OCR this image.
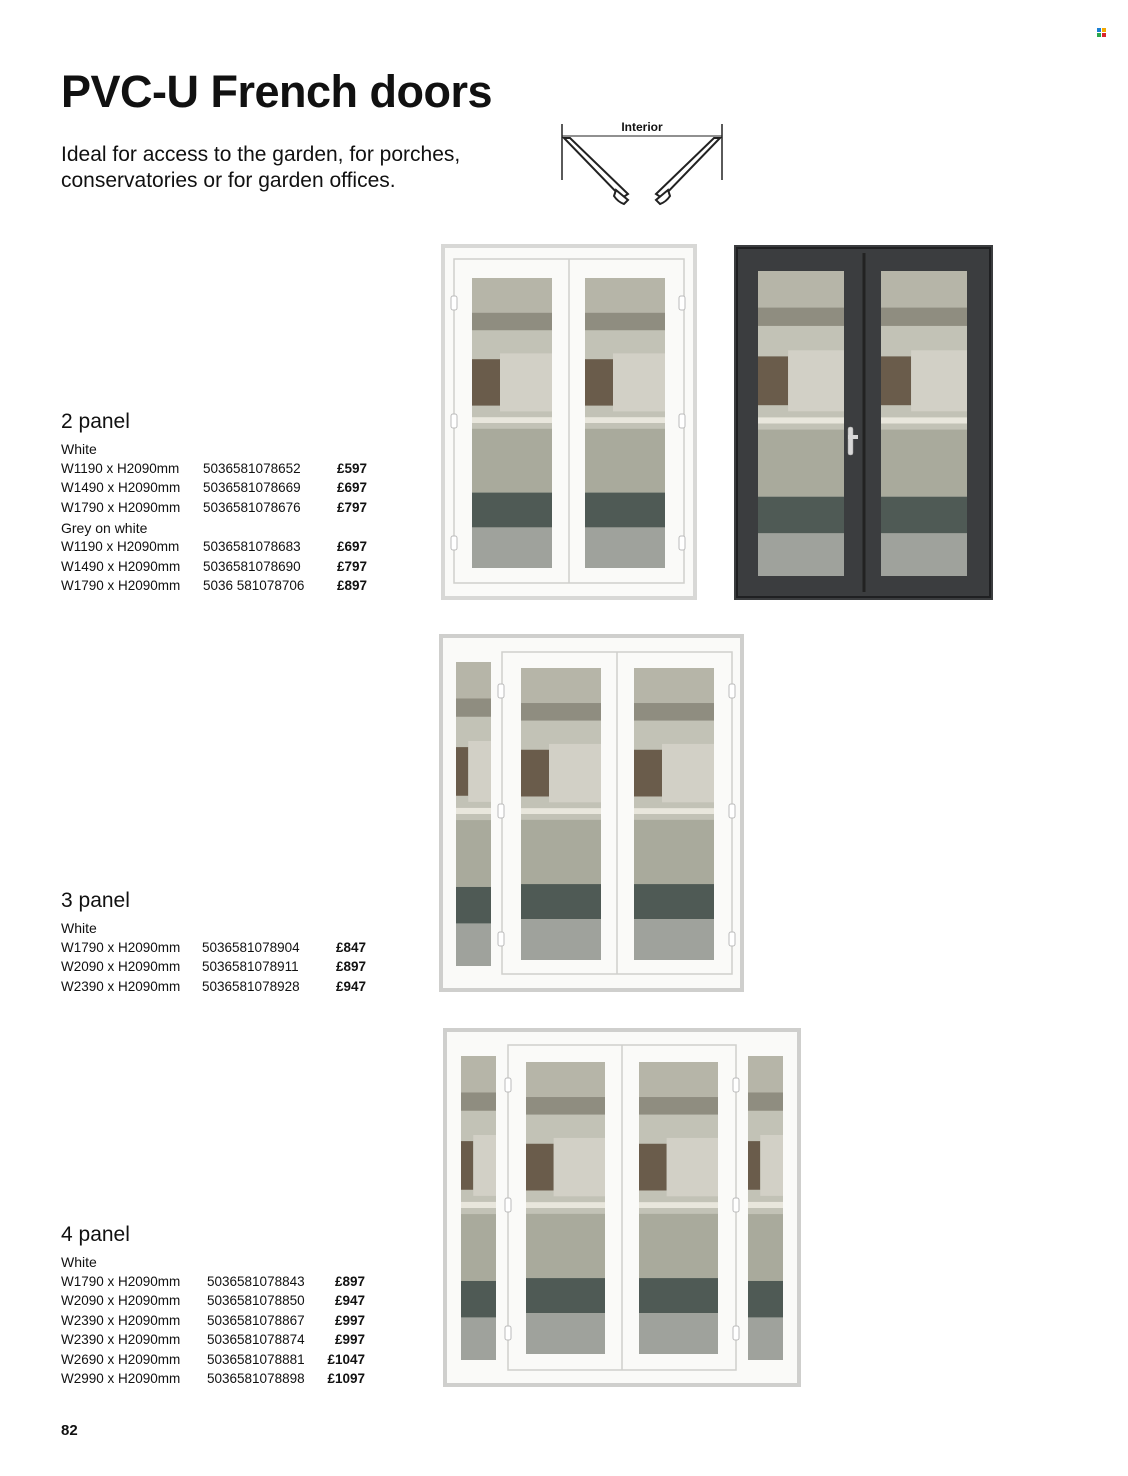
PVC-U French doors

Ideal for access to the garden, for porches,
conservatories or for garden offices.

Interior
2 panel
White
W1190 x H2090mm 5036581078652	£597
W1490 x H2090mm 5036581078669	£697
W1790 x H2090mm 5036581078676	£797
Grey on white
W1190 x H2090mm 5036581078683	£697
W1490 x H2090mm 5036581078690	£797
W1790 x H2090mm 5036 581078706	£897
3 panel
White
W1790 x H2090mm 5036581078904	£847
W2090 x H2090mm 5036581078911	£897
W2390 x H2090mm 5036581078928	£947
4 panel
White
W1790 x H2090mm 5036581078843	£897
W2090 x H2090mm 5036581078850	£947
W2390 x H2090mm 5036581078867	£997
W2390 x H2090mm 5036581078874	£997
W2690 x H2090mm 5036581078881	£1047
W2990 x H2090mm 5036581078898	£1097
82
